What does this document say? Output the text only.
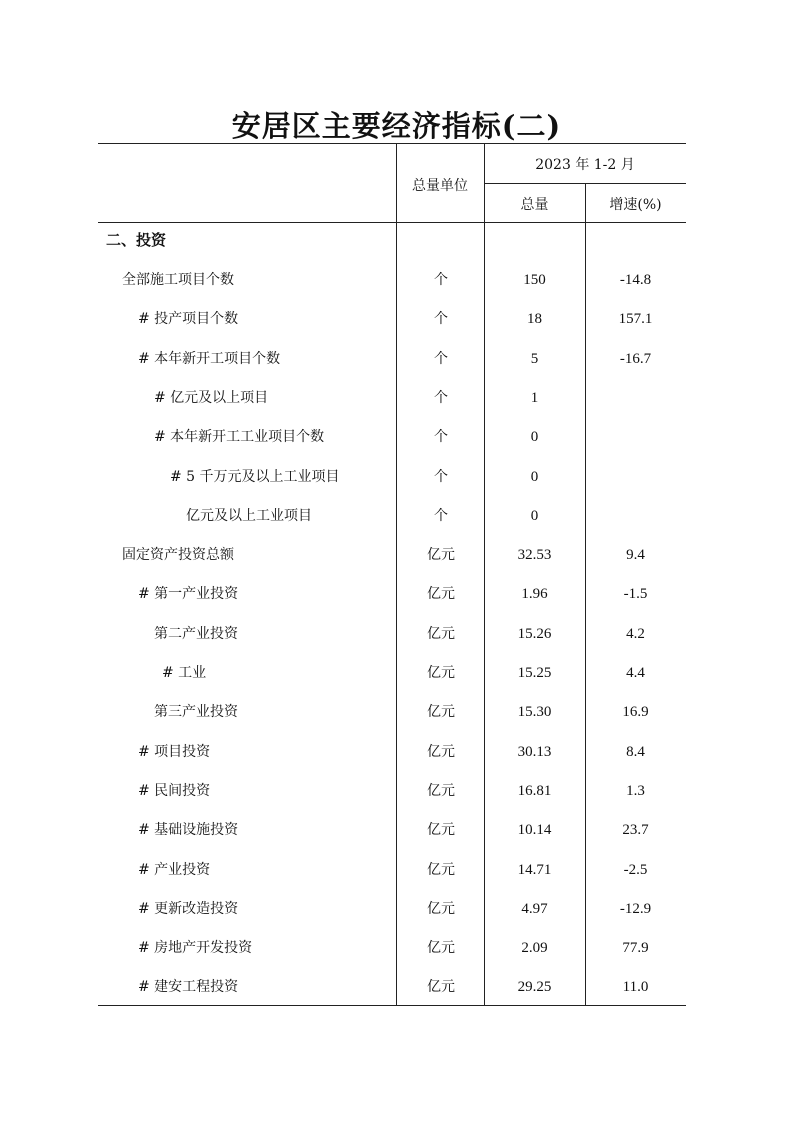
安居区主要经济指标(二)
总量单位
2023 年 1-2 月
总量	增速(%)
二、投资
全部施工项目个数	个	150	-14.8
# 投产项目个数	个	18	157.1
# 本年新开工项目个数	个	5	-16.7
# 亿元及以上项目	个	1
# 本年新开工工业项目个数	个	0
# 5 千万元及以上工业项目	个	0
亿元及以上工业项目	个	0
固定资产投资总额	亿元	32.53	9.4
# 第一产业投资	亿元	1.96	-1.5
第二产业投资	亿元	15.26	4.2
# 工业	亿元	15.25	4.4
第三产业投资	亿元	15.30	16.9
# 项目投资	亿元	30.13	8.4
# 民间投资	亿元	16.81	1.3
# 基础设施投资	亿元	10.14	23.7
# 产业投资	亿元	14.71	-2.5
# 更新改造投资	亿元	4.97	-12.9
# 房地产开发投资	亿元	2.09	77.9
# 建安工程投资	亿元	29.25	11.0
